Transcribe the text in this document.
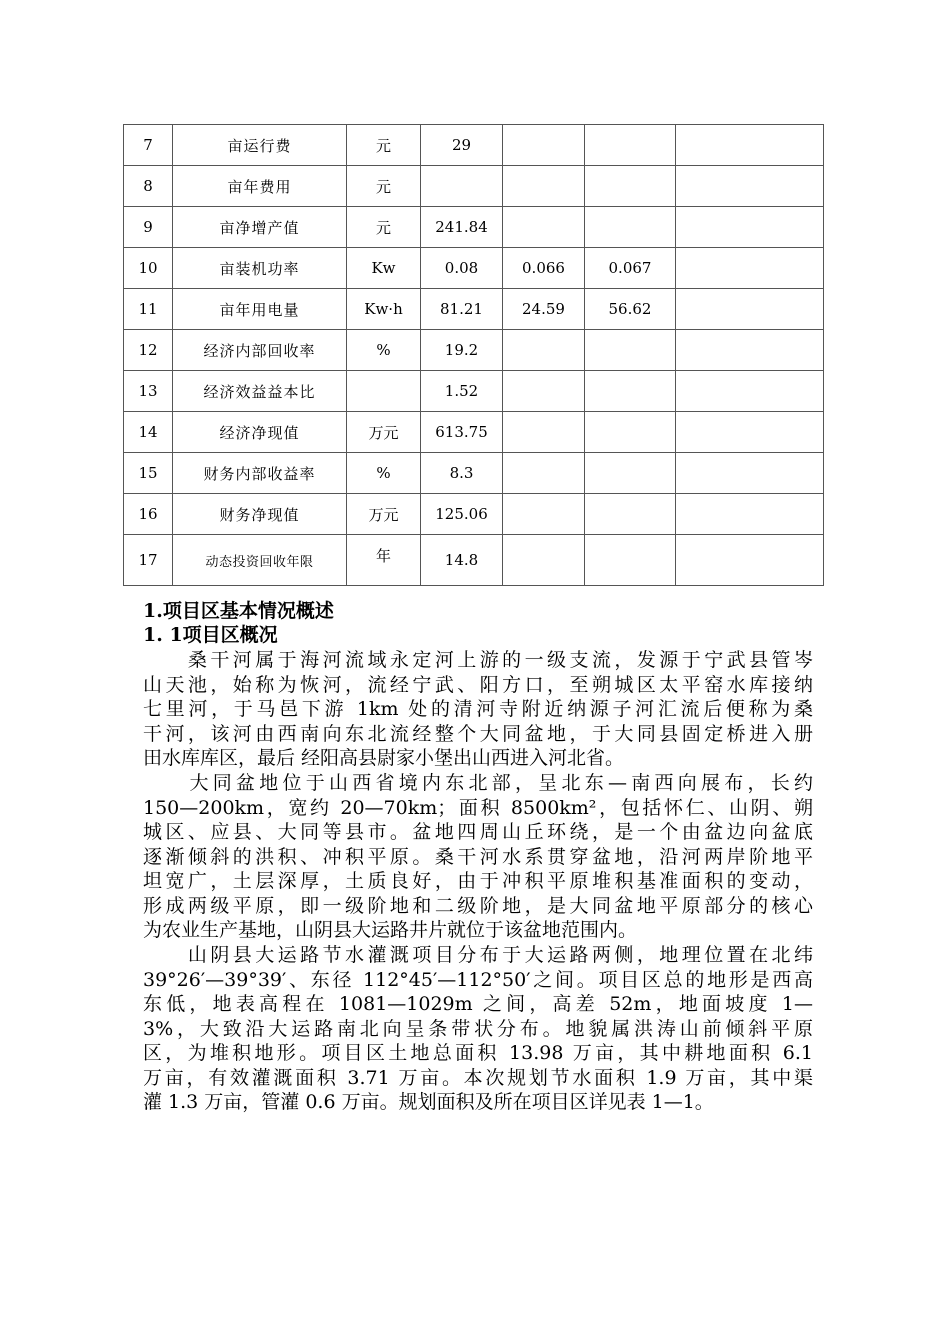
7	亩运行费	元	29			
8	亩年费用	元				
9	亩净增产值	元	241.84			
10	亩装机功率	Kw	0.08	0.066	0.067	
11	亩年用电量	Kw·h	81.21	24.59	56.62	
12	经济内部回收率	%	19.2			
13	经济效益益本比		1.52			
14	经济净现值	万元	613.75			
15	财务内部收益率	%	8.3			
16	财务净现值	万元	125.06			
17	动态投资回收年限	年	14.8			
1.项目区基本情况概述
1. 1项目区概况
　　桑干河属于海河流域永定河上游的一级支流，发源于宁武县管岑
山天池，始称为恢河，流经宁武、阳方口，至朔城区太平窑水库接纳
七里河，于马邑下游 1km 处的清河寺附近纳源子河汇流后便称为桑
干河，该河由西南向东北流经整个大同盆地，于大同县固定桥进入册
田水库库区，最后 经阳高县尉家小堡出山西进入河北省。
　　大同盆地位于山西省境内东北部，呈北东—南西向展布，长约
150—200km，宽约 20—70km；面积 8500km²，包括怀仁、山阴、朔
城区、应县、大同等县市。盆地四周山丘环绕，是一个由盆边向盆底
逐渐倾斜的洪积、冲积平原。桑干河水系贯穿盆地，沿河两岸阶地平
坦宽广，土层深厚，土质良好，由于冲积平原堆积基准面积的变动，
形成两级平原，即一级阶地和二级阶地，是大同盆地平原部分的核心
为农业生产基地，山阴县大运路井片就位于该盆地范围内。
　　山阴县大运路节水灌溉项目分布于大运路两侧，地理位置在北纬
39°26′—39°39′、东径 112°45′—112°50′之间。项目区总的地形是西高
东低，地表高程在 1081—1029m 之间，高差 52m，地面坡度 1—
3%，大致沿大运路南北向呈条带状分布。地貌属洪涛山前倾斜平原
区，为堆积地形。项目区土地总面积 13.98 万亩，其中耕地面积 6.1
万亩，有效灌溉面积 3.71 万亩。本次规划节水面积 1.9 万亩，其中渠
灌 1.3 万亩，管灌 0.6 万亩。规划面积及所在项目区详见表 1—1。
